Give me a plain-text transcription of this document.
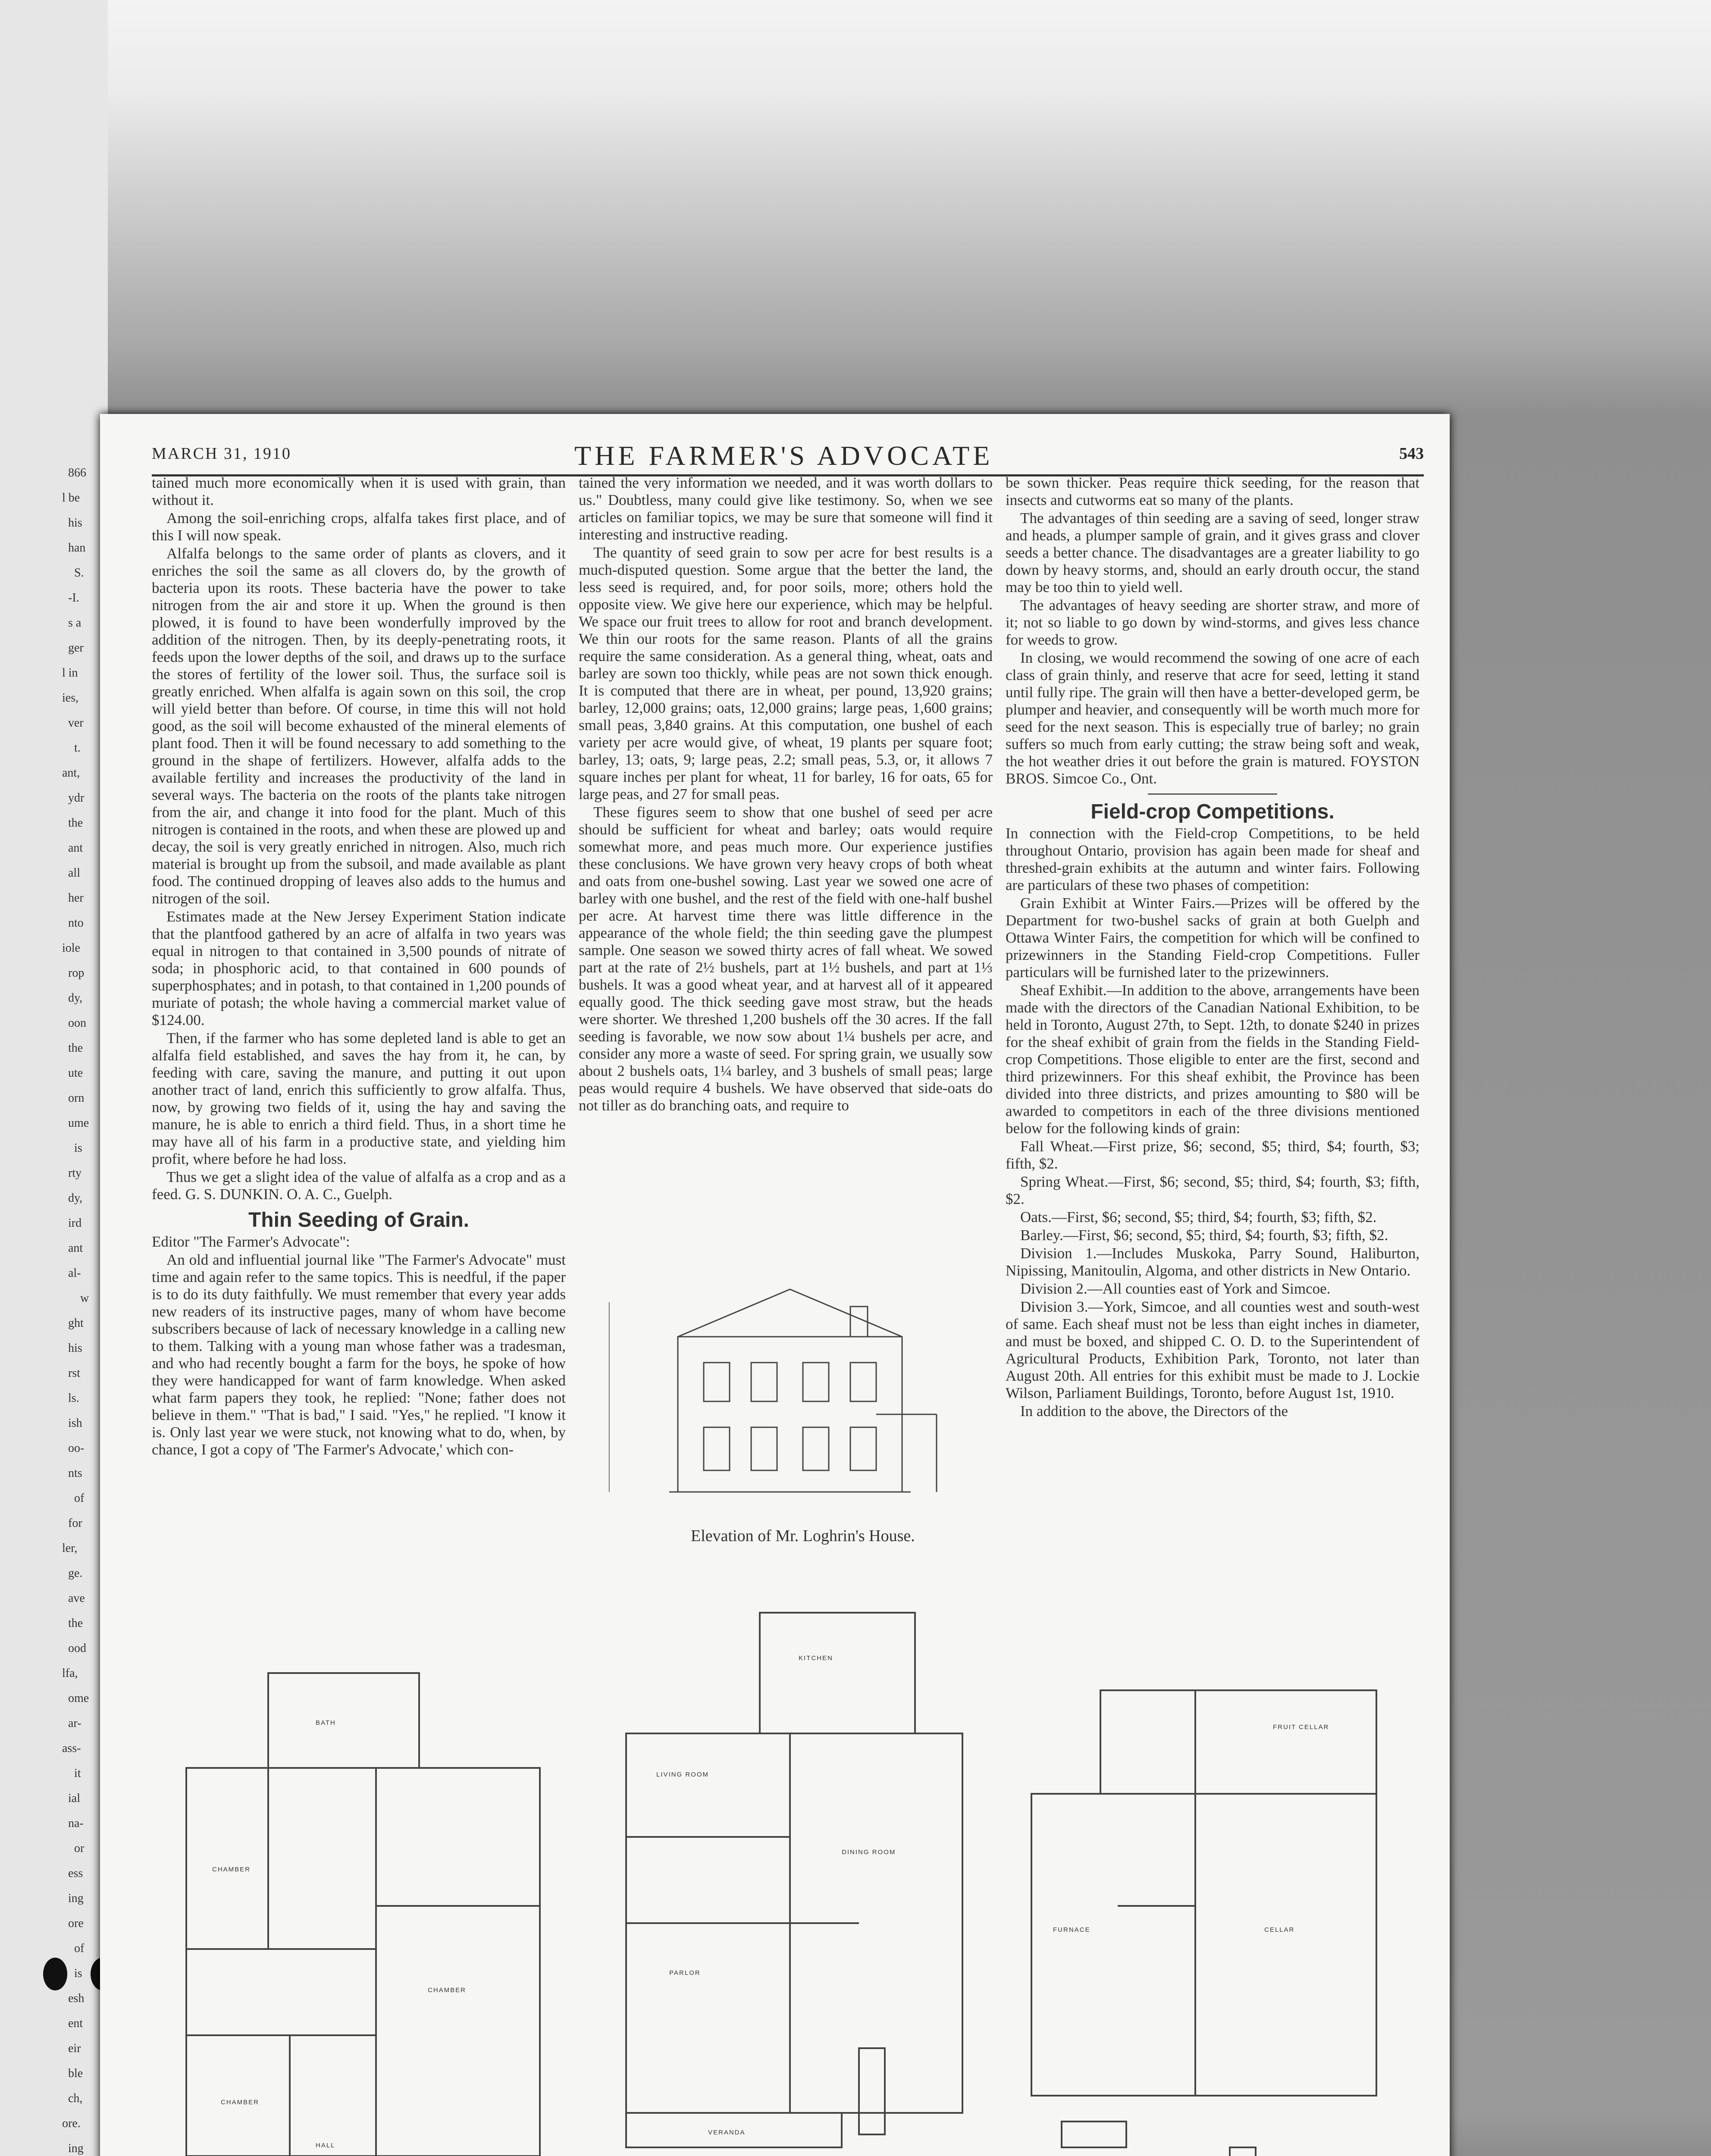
866

l be

his

han

S.

-I.

s a

ger

l in

ies,

ver

t.

ant,

ydr

the

ant

all

her

nto

iole

rop

dy,

oon

the

ute

orn

ume

is

rty

dy,

ird

ant

al-

w

ght

his

rst

ls.

ish

oo-

nts

of

for

ler,

ge.

ave

the

ood

lfa,

ome

ar-

ass-

it

ial

na-

or

ess

ing

ore

of

is

esh

ent

eir

ble

ch,

ore.

ing

MARCH 31, 1910	THE FARMER'S ADVOCATE	543

tained much more economically when it is used with grain, than without it.

Among the soil-enriching crops, alfalfa takes first place, and of this I will now speak.

Alfalfa belongs to the same order of plants as clovers, and it enriches the soil the same as all clovers do, by the growth of bacteria upon its roots. These bacteria have the power to take nitrogen from the air and store it up. When the ground is then plowed, it is found to have been wonderfully improved by the addition of the nitrogen. Then, by its deeply-penetrating roots, it feeds upon the lower depths of the soil, and draws up to the surface the stores of fertility of the lower soil. Thus, the surface soil is greatly enriched. When alfalfa is again sown on this soil, the crop will yield better than before. Of course, in time this will not hold good, as the soil will become exhausted of the mineral elements of plant food. Then it will be found necessary to add something to the ground in the shape of fertilizers. However, alfalfa adds to the available fertility and increases the productivity of the land in several ways. The bacteria on the roots of the plants take nitrogen from the air, and change it into food for the plant. Much of this nitrogen is contained in the roots, and when these are plowed up and decay, the soil is very greatly enriched in nitrogen. Also, much rich material is brought up from the subsoil, and made available as plant food. The continued dropping of leaves also adds to the humus and nitrogen of the soil.

Estimates made at the New Jersey Experiment Station indicate that the plantfood gathered by an acre of alfalfa in two years was equal in nitrogen to that contained in 3,500 pounds of nitrate of soda; in phosphoric acid, to that contained in 600 pounds of superphosphates; and in potash, to that contained in 1,200 pounds of muriate of potash; the whole having a commercial market value of $124.00.

Then, if the farmer who has some depleted land is able to get an alfalfa field established, and saves the hay from it, he can, by feeding with care, saving the manure, and putting it out upon another tract of land, enrich this sufficiently to grow alfalfa. Thus, now, by growing two fields of it, using the hay and saving the manure, he is able to enrich a third field. Thus, in a short time he may have all of his farm in a productive state, and yielding him profit, where before he had loss.

Thus we get a slight idea of the value of alfalfa as a crop and as a feed. G. S. DUNKIN. O. A. C., Guelph.

Thin Seeding of Grain.

Editor "The Farmer's Advocate":

An old and influential journal like "The Farmer's Advocate" must time and again refer to the same topics. This is needful, if the paper is to do its duty faithfully. We must remember that every year adds new readers of its instructive pages, many of whom have become subscribers because of lack of necessary knowledge in a calling new to them. Talking with a young man whose father was a tradesman, and who had recently bought a farm for the boys, he spoke of how they were handicapped for want of farm knowledge. When asked what farm papers they took, he replied: "None; father does not believe in them." "That is bad," I said. "Yes," he replied. "I know it is. Only last year we were stuck, not knowing what to do, when, by chance, I got a copy of 'The Farmer's Advocate,' which con-

tained the very information we needed, and it was worth dollars to us." Doubtless, many could give like testimony. So, when we see articles on familiar topics, we may be sure that someone will find it interesting and instructive reading.

The quantity of seed grain to sow per acre for best results is a much-disputed question. Some argue that the better the land, the less seed is required, and, for poor soils, more; others hold the opposite view. We give here our experience, which may be helpful. We space our fruit trees to allow for root and branch development. We thin our roots for the same reason. Plants of all the grains require the same consideration. As a general thing, wheat, oats and barley are sown too thickly, while peas are not sown thick enough. It is computed that there are in wheat, per pound, 13,920 grains; barley, 12,000 grains; oats, 12,000 grains; large peas, 1,600 grains; small peas, 3,840 grains. At this computation, one bushel of each variety per acre would give, of wheat, 19 plants per square foot; barley, 13; oats, 9; large peas, 2.2; small peas, 5.3, or, it allows 7 square inches per plant for wheat, 11 for barley, 16 for oats, 65 for large peas, and 27 for small peas.

These figures seem to show that one bushel of seed per acre should be sufficient for wheat and barley; oats would require somewhat more, and peas much more. Our experience justifies these conclusions. We have grown very heavy crops of both wheat and oats from one-bushel sowing. Last year we sowed one acre of barley with one bushel, and the rest of the field with one-half bushel per acre. At harvest time there was little difference in the appearance of the whole field; the thin seeding gave the plumpest sample. One season we sowed thirty acres of fall wheat. We sowed part at the rate of 2½ bushels, part at 1½ bushels, and part at 1⅓ bushels. It was a good wheat year, and at harvest all of it appeared equally good. The thick seeding gave most straw, but the heads were shorter. We threshed 1,200 bushels off the 30 acres. If the fall seeding is favorable, we now sow about 1¼ bushels per acre, and consider any more a waste of seed. For spring grain, we usually sow about 2 bushels oats, 1¼ barley, and 3 bushels of small peas; large peas would require 4 bushels. We have observed that side-oats do not tiller as do branching oats, and require to

Elevation of Mr. Loghrin's House.

be sown thicker. Peas require thick seeding, for the reason that insects and cutworms eat so many of the plants.

The advantages of thin seeding are a saving of seed, longer straw and heads, a plumper sample of grain, and it gives grass and clover seeds a better chance. The disadvantages are a greater liability to go down by heavy storms, and, should an early drouth occur, the stand may be too thin to yield well.

The advantages of heavy seeding are shorter straw, and more of it; not so liable to go down by wind-storms, and gives less chance for weeds to grow.

In closing, we would recommend the sowing of one acre of each class of grain thinly, and reserve that acre for seed, letting it stand until fully ripe. The grain will then have a better-developed germ, be plumper and heavier, and consequently will be worth much more for seed for the next season. This is especially true of barley; no grain suffers so much from early cutting; the straw being soft and weak, the hot weather dries it out before the grain is matured. FOYSTON BROS. Simcoe Co., Ont.

Field-crop Competitions.

In connection with the Field-crop Competitions, to be held throughout Ontario, provision has again been made for sheaf and threshed-grain exhibits at the autumn and winter fairs. Following are particulars of these two phases of competition:

Grain Exhibit at Winter Fairs.—Prizes will be offered by the Department for two-bushel sacks of grain at both Guelph and Ottawa Winter Fairs, the competition for which will be confined to prizewinners in the Standing Field-crop Competitions. Fuller particulars will be furnished later to the prizewinners.

Sheaf Exhibit.—In addition to the above, arrangements have been made with the directors of the Canadian National Exhibition, to be held in Toronto, August 27th, to Sept. 12th, to donate $240 in prizes for the sheaf exhibit of grain from the fields in the Standing Field-crop Competitions. Those eligible to enter are the first, second and third prizewinners. For this sheaf exhibit, the Province has been divided into three districts, and prizes amounting to $80 will be awarded to competitors in each of the three divisions mentioned below for the following kinds of grain:

Fall Wheat.—First prize, $6; second, $5; third, $4; fourth, $3; fifth, $2.

Spring Wheat.—First, $6; second, $5; third, $4; fourth, $3; fifth, $2.

Oats.—First, $6; second, $5; third, $4; fourth, $3; fifth, $2.

Barley.—First, $6; second, $5; third, $4; fourth, $3; fifth, $2.

Division 1.—Includes Muskoka, Parry Sound, Haliburton, Nipissing, Manitoulin, Algoma, and other districts in New Ontario.

Division 2.—All counties east of York and Simcoe.

Division 3.—York, Simcoe, and all counties west and south-west of same. Each sheaf must not be less than eight inches in diameter, and must be boxed, and shipped C. O. D. to the Superintendent of Agricultural Products, Exhibition Park, Toronto, not later than August 20th. All entries for this exhibit must be made to J. Lockie Wilson, Parliament Buildings, Toronto, before August 1st, 1910.

In addition to the above, the Directors of the

CHAMBER
CHAMBER
CHAMBER
BATH
HALL
KITCHEN
LIVING ROOM
DINING ROOM
PARLOR
VERANDA
FRUIT CELLAR
CELLAR
FURNACE
